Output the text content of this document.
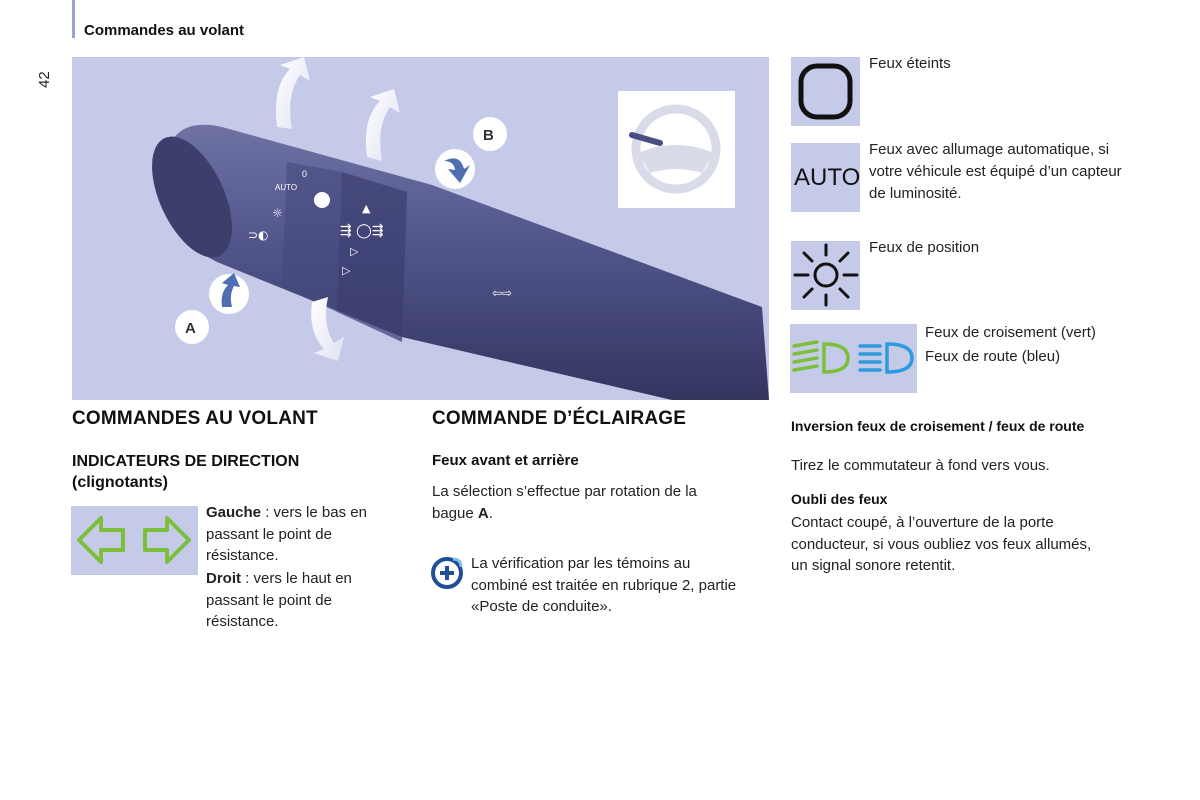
Commandes au volant
42
0
AUTO
☼
⊃◐	⇶ ◯⇶
▲
▷
▷
⇦⇨
B
A
COMMANDES AU VOLANT
INDICATEURS DE DIRECTION
(clignotants)
Gauche : vers le bas en passant le point de résistance.
Droit : vers le haut en passant le point de résistance.
COMMANDE D’ÉCLAIRAGE
Feux avant et arrière
La sélection s’effectue par rotation de la bague A.
La vérification par les témoins au combiné est traitée en rubrique 2, partie «Poste de conduite».
Feux éteints
AUTO
Feux avec allumage automatique, si votre véhicule est équipé d’un capteur de luminosité.
Feux de position
Feux de croisement (vert)
Feux de route (bleu)
Inversion feux de croisement / feux de route
Tirez le commutateur à fond vers vous.
Oubli des feux
Contact coupé, à l’ouverture de la porte conducteur, si vous oubliez vos feux allumés, un signal sonore retentit.
